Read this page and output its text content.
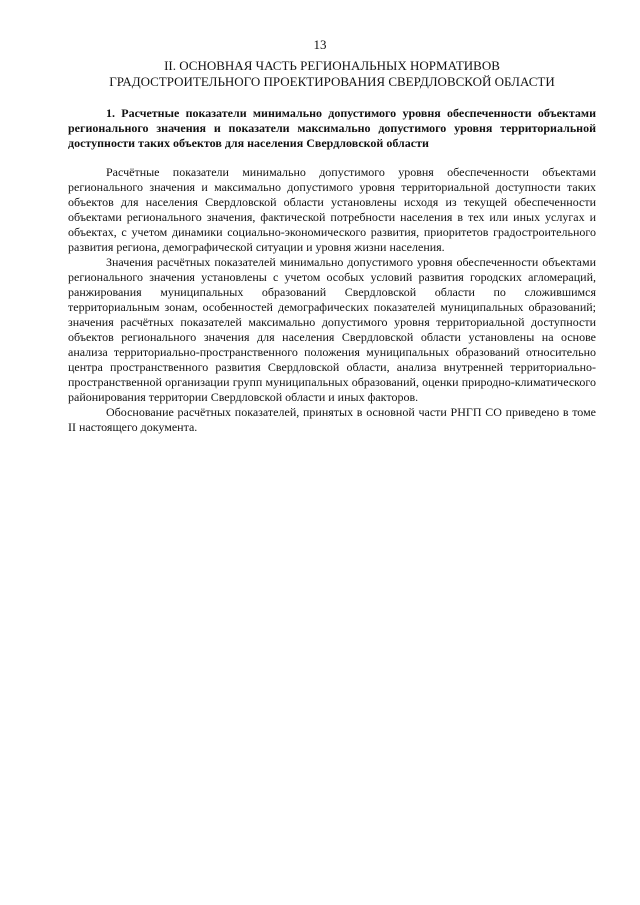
13
II. ОСНОВНАЯ ЧАСТЬ РЕГИОНАЛЬНЫХ НОРМАТИВОВ
ГРАДОСТРОИТЕЛЬНОГО ПРОЕКТИРОВАНИЯ СВЕРДЛОВСКОЙ ОБЛАСТИ
1. Расчетные показатели минимально допустимого уровня обеспеченности объектами регионального значения и показатели максимально допустимого уровня территориальной доступности таких объектов для населения Свердловской области

Расчётные показатели минимально допустимого уровня обеспеченности объектами регионального значения и максимально допустимого уровня территориальной доступности таких объектов для населения Свердловской области установлены исходя из текущей обеспеченности объектами регионального значения, фактической потребности населения в тех или иных услугах и объектах, с учетом динамики социально-экономического развития, приоритетов градостроительного развития региона, демографической ситуации и уровня жизни населения.

Значения расчётных показателей минимально допустимого уровня обеспеченности объектами регионального значения установлены с учетом особых условий развития городских агломераций, ранжирования муниципальных образований Свердловской области по сложившимся территориальным зонам, особенностей демографических показателей муниципальных образований; значения расчётных показателей максимально допустимого уровня территориальной доступности объектов регионального значения для населения Свердловской области установлены на основе анализа территориально-пространственного положения муниципальных образований относительно центра пространственного развития Свердловской области, анализа внутренней территориально-пространственной организации групп муниципальных образований, оценки природно-климатического районирования территории Свердловской области и иных факторов.

Обоснование расчётных показателей, принятых в основной части РНГП СО приведено в томе II настоящего документа.
